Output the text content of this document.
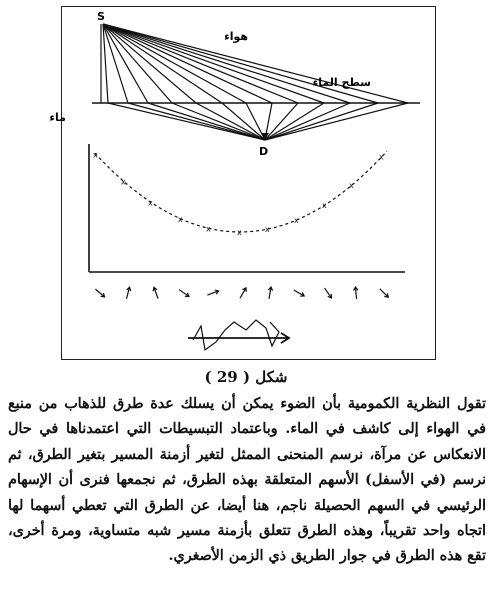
x
x
x
x
x	x	x
x
x
x
x
S
D
هواء
سطح الماء
ماء
شكل ( 29 )

تقول النظرية الكمومية بأن الضوء يمكن أن يسلك عدة طرق للذهاب من منبع في الهواء إلى كاشف في الماء. وباعتماد التبسيطات التي اعتمدناها في حال الانعكاس عن مرآة، نرسم المنحنى الممثل لتغير أزمنة المسير بتغير الطرق، ثم نرسم (في الأسفل) الأسهم المتعلقة بهذه الطرق، ثم نجمعها فنرى أن الإسهام الرئيسي في السهم الحصيلة ناجم، هنا أيضا، عن الطرق التي تعطي أسهما لها اتجاه واحد تقريباً، وهذه الطرق تتعلق بأزمنة مسير شبه متساوية، ومرة أخرى، تقع هذه الطرق في جوار الطريق ذي الزمن الأصغري.
